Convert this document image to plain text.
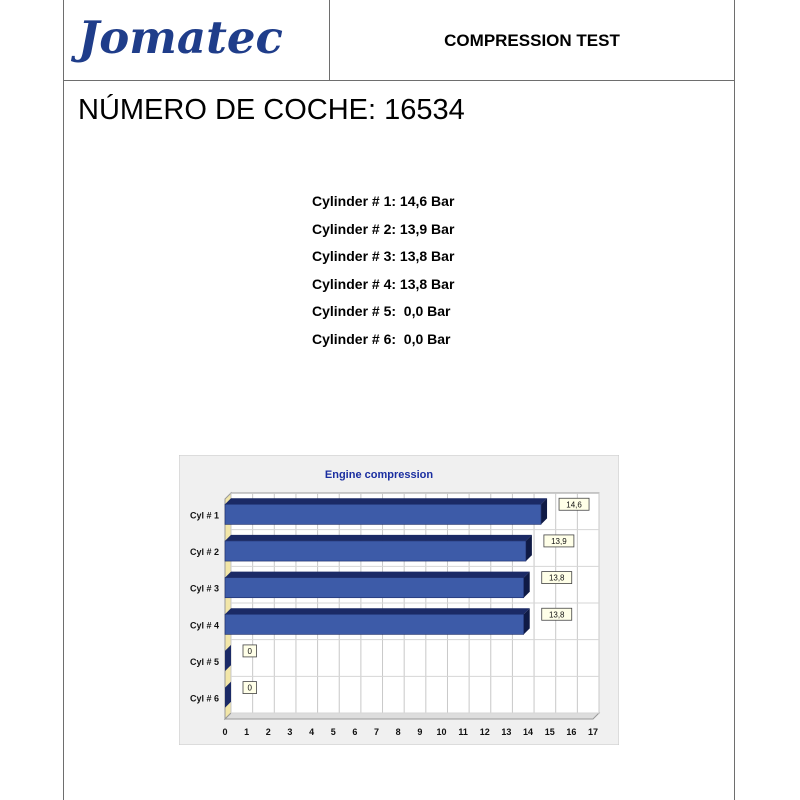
Jomatec	COMPRESSION TEST
NÚMERO DE COCHE: 16534
Cylinder # 1: 14,6 Bar
Cylinder # 2: 13,9 Bar
Cylinder # 3: 13,8 Bar
Cylinder # 4: 13,8 Bar
Cylinder # 5:  0,0 Bar
Cylinder # 6:  0,0 Bar
Engine compression
0 1 2 3 4 5 6 7 8 9 10 11 12 13 14 15 16 17
Cyl # 1
14,6
Cyl # 2
13,9
Cyl # 3
13,8
Cyl # 4
13,8
Cyl # 5
0
Cyl # 6
0
